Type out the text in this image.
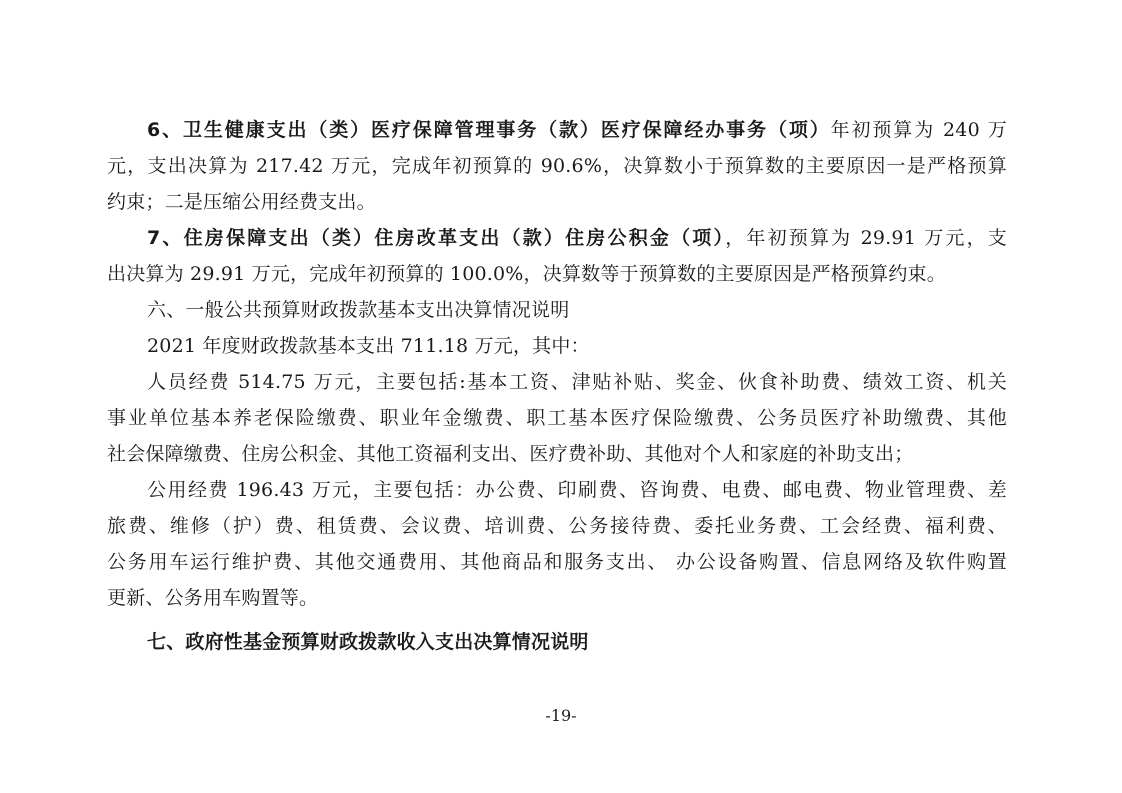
6、卫生健康支出（类）医疗保障管理事务（款）医疗保障经办事务（项）年初预算为 240 万
元，支出决算为 217.42 万元，完成年初预算的 90.6%，决算数小于预算数的主要原因一是严格预算
约束；二是压缩公用经费支出。
7、住房保障支出（类）住房改革支出（款）住房公积金（项），年初预算为 29.91 万元，支
出决算为 29.91 万元，完成年初预算的 100.0%，决算数等于预算数的主要原因是严格预算约束。
六、一般公共预算财政拨款基本支出决算情况说明
2021 年度财政拨款基本支出 711.18 万元，其中：
人员经费 514.75 万元，主要包括:基本工资、津贴补贴、奖金、伙食补助费、绩效工资、机关
事业单位基本养老保险缴费、职业年金缴费、职工基本医疗保险缴费、公务员医疗补助缴费、其他
社会保障缴费、住房公积金、其他工资福利支出、医疗费补助、其他对个人和家庭的补助支出；
公用经费 196.43 万元，主要包括：办公费、印刷费、咨询费、电费、邮电费、物业管理费、差
旅费、维修（护）费、租赁费、会议费、培训费、公务接待费、委托业务费、工会经费、福利费、
公务用车运行维护费、其他交通费用、其他商品和服务支出、 办公设备购置、信息网络及软件购置
更新、公务用车购置等。
七、政府性基金预算财政拨款收入支出决算情况说明
-19-
